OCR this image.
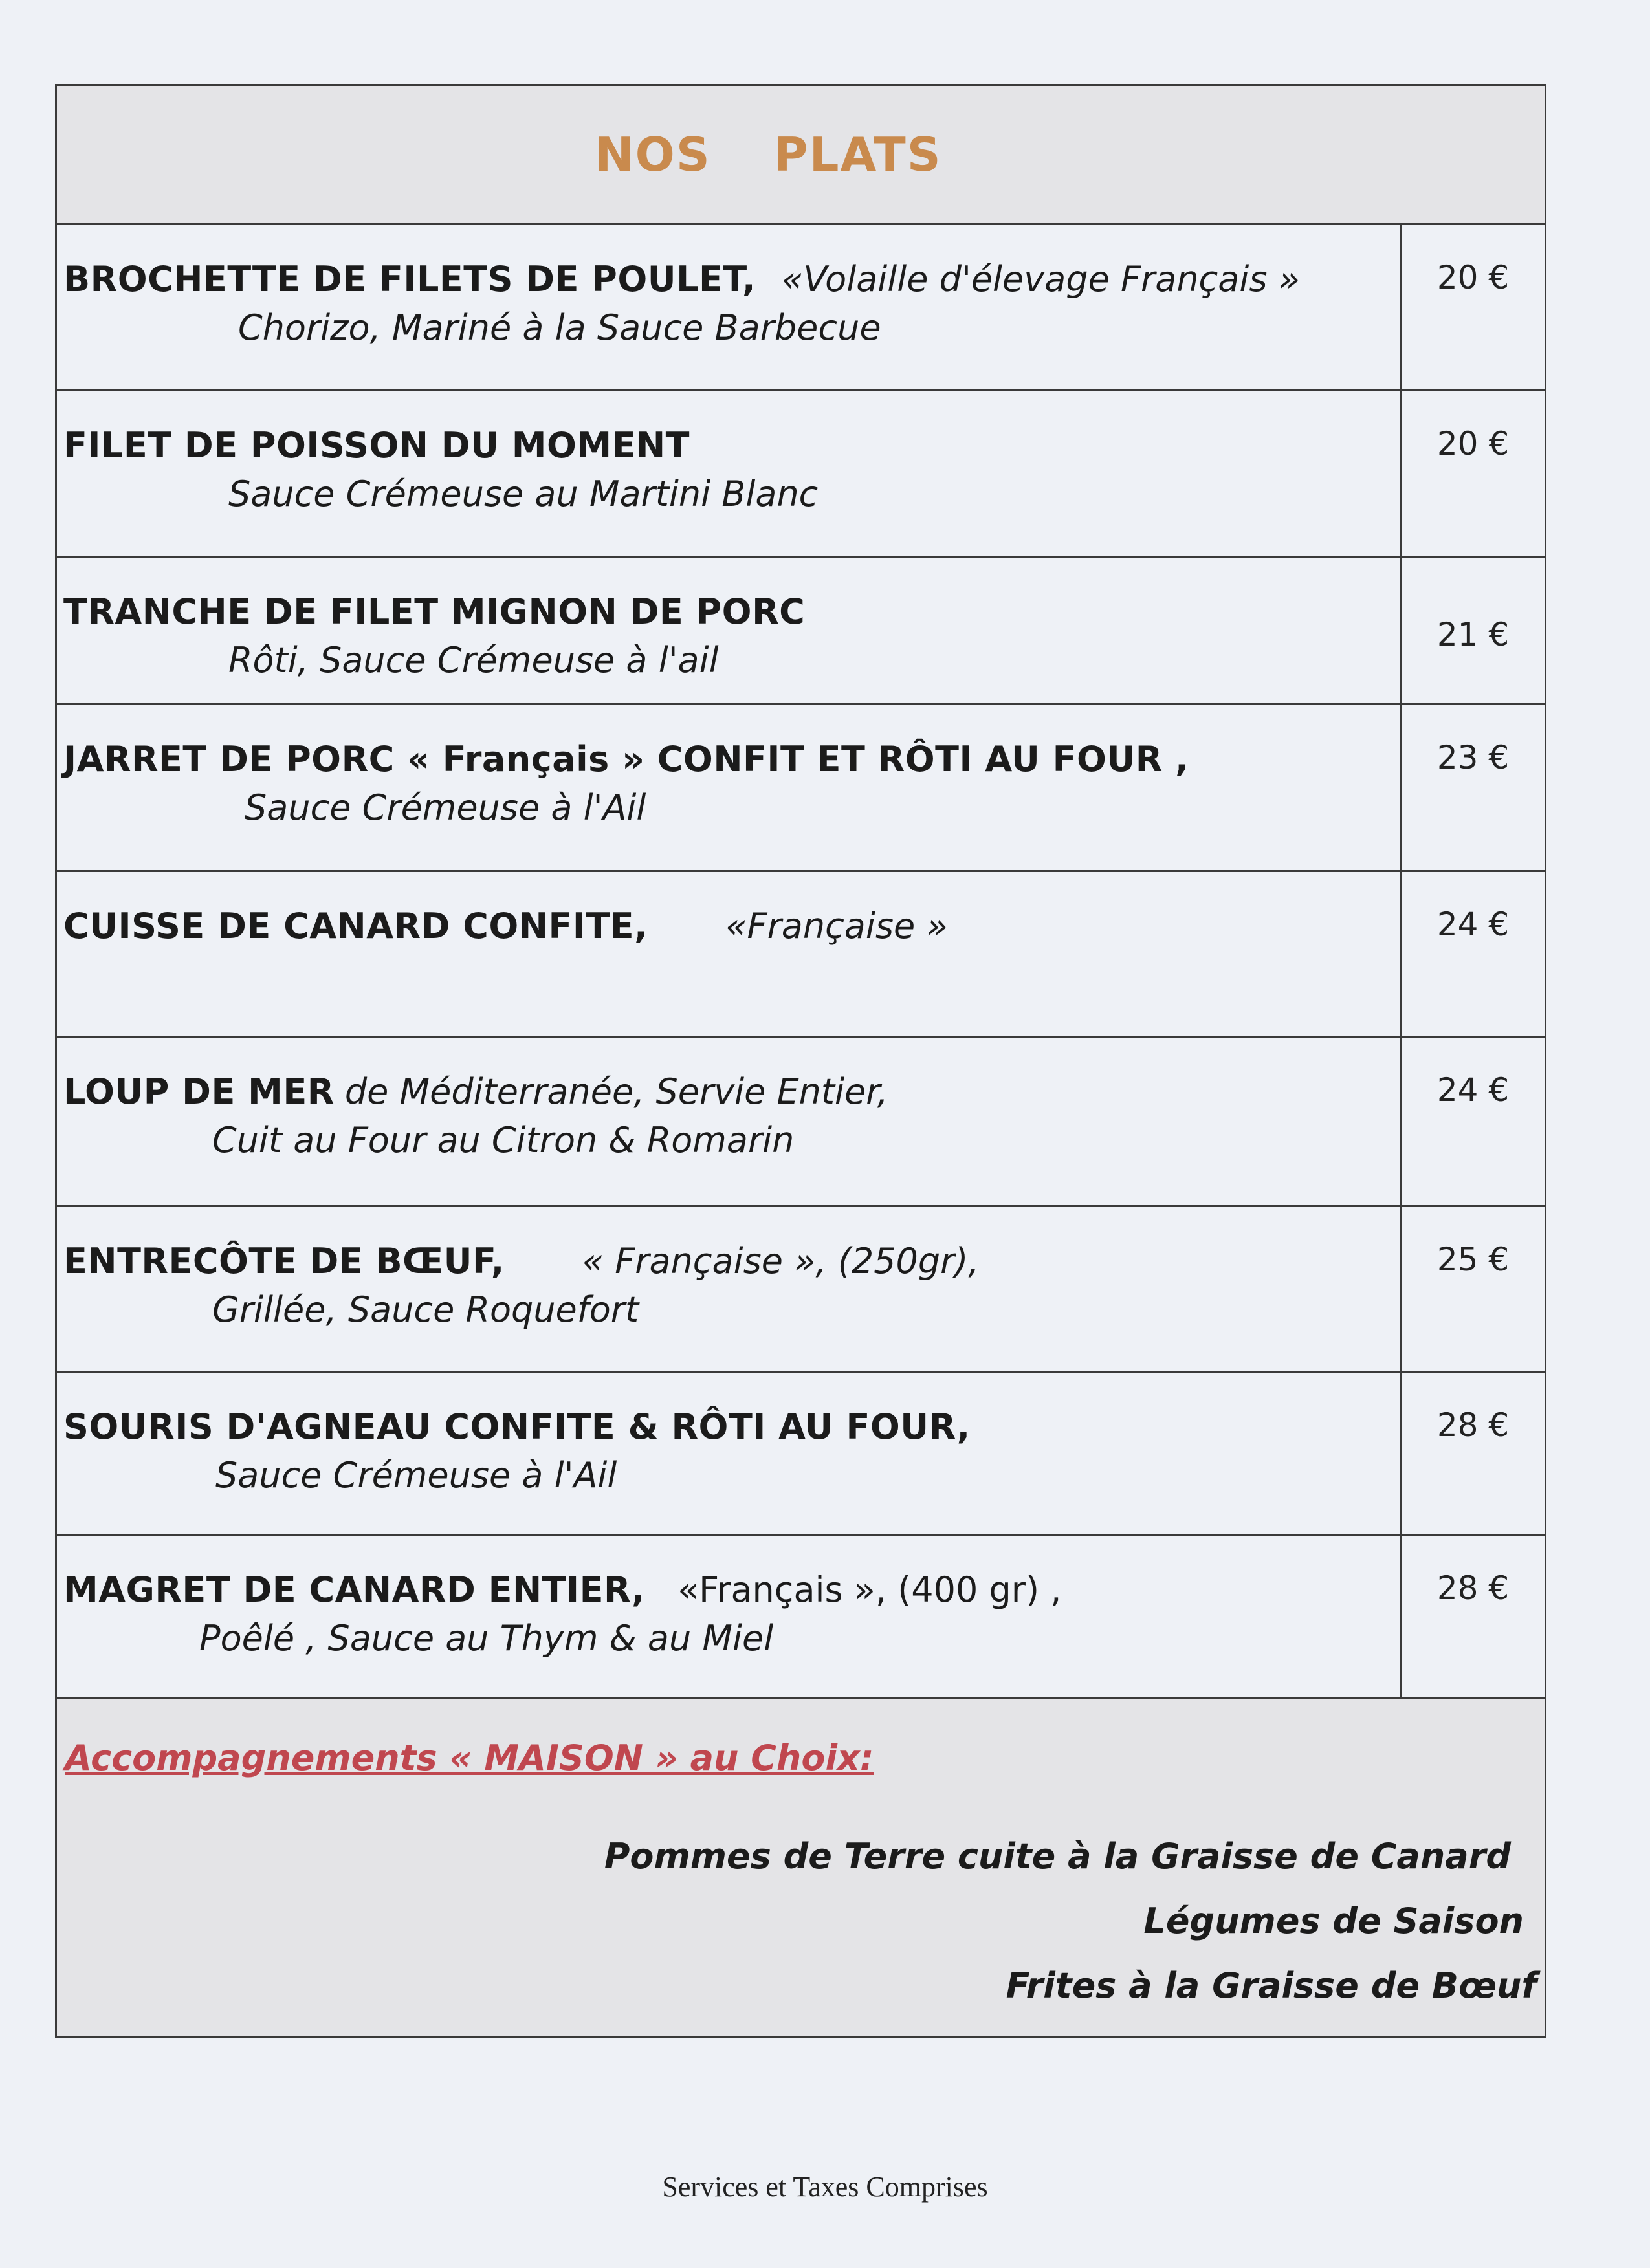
NOS PLATS
BROCHETTE DE FILETS DE POULET, «Volaille d'élevage Français »
Chorizo, Mariné à la Sauce Barbecue
20 €
FILET DE POISSON DU MOMENT
Sauce Crémeuse au Martini Blanc
20 €
TRANCHE DE FILET MIGNON DE PORC
Rôti, Sauce Crémeuse à l'ail
21 €
JARRET DE PORC « Français » CONFIT ET RÔTI AU FOUR ,
Sauce Crémeuse à l'Ail
23 €
CUISSE DE CANARD CONFITE, «Française »	24 €
LOUP DE MER de Méditerranée, Servie Entier,
Cuit au Four au Citron & Romarin
24 €
ENTRECÔTE DE BŒUF, « Française », (250gr),
Grillée, Sauce Roquefort
25 €
SOURIS D'AGNEAU CONFITE & RÔTI AU FOUR,
Sauce Crémeuse à l'Ail
28 €
MAGRET DE CANARD ENTIER, «Français », (400 gr) ,
Poêlé , Sauce au Thym & au Miel
28 €
Accompagnements « MAISON » au Choix:
Pommes de Terre cuite à la Graisse de Canard
Légumes de Saison
Frites à la Graisse de Bœuf
Services et Taxes Comprises
